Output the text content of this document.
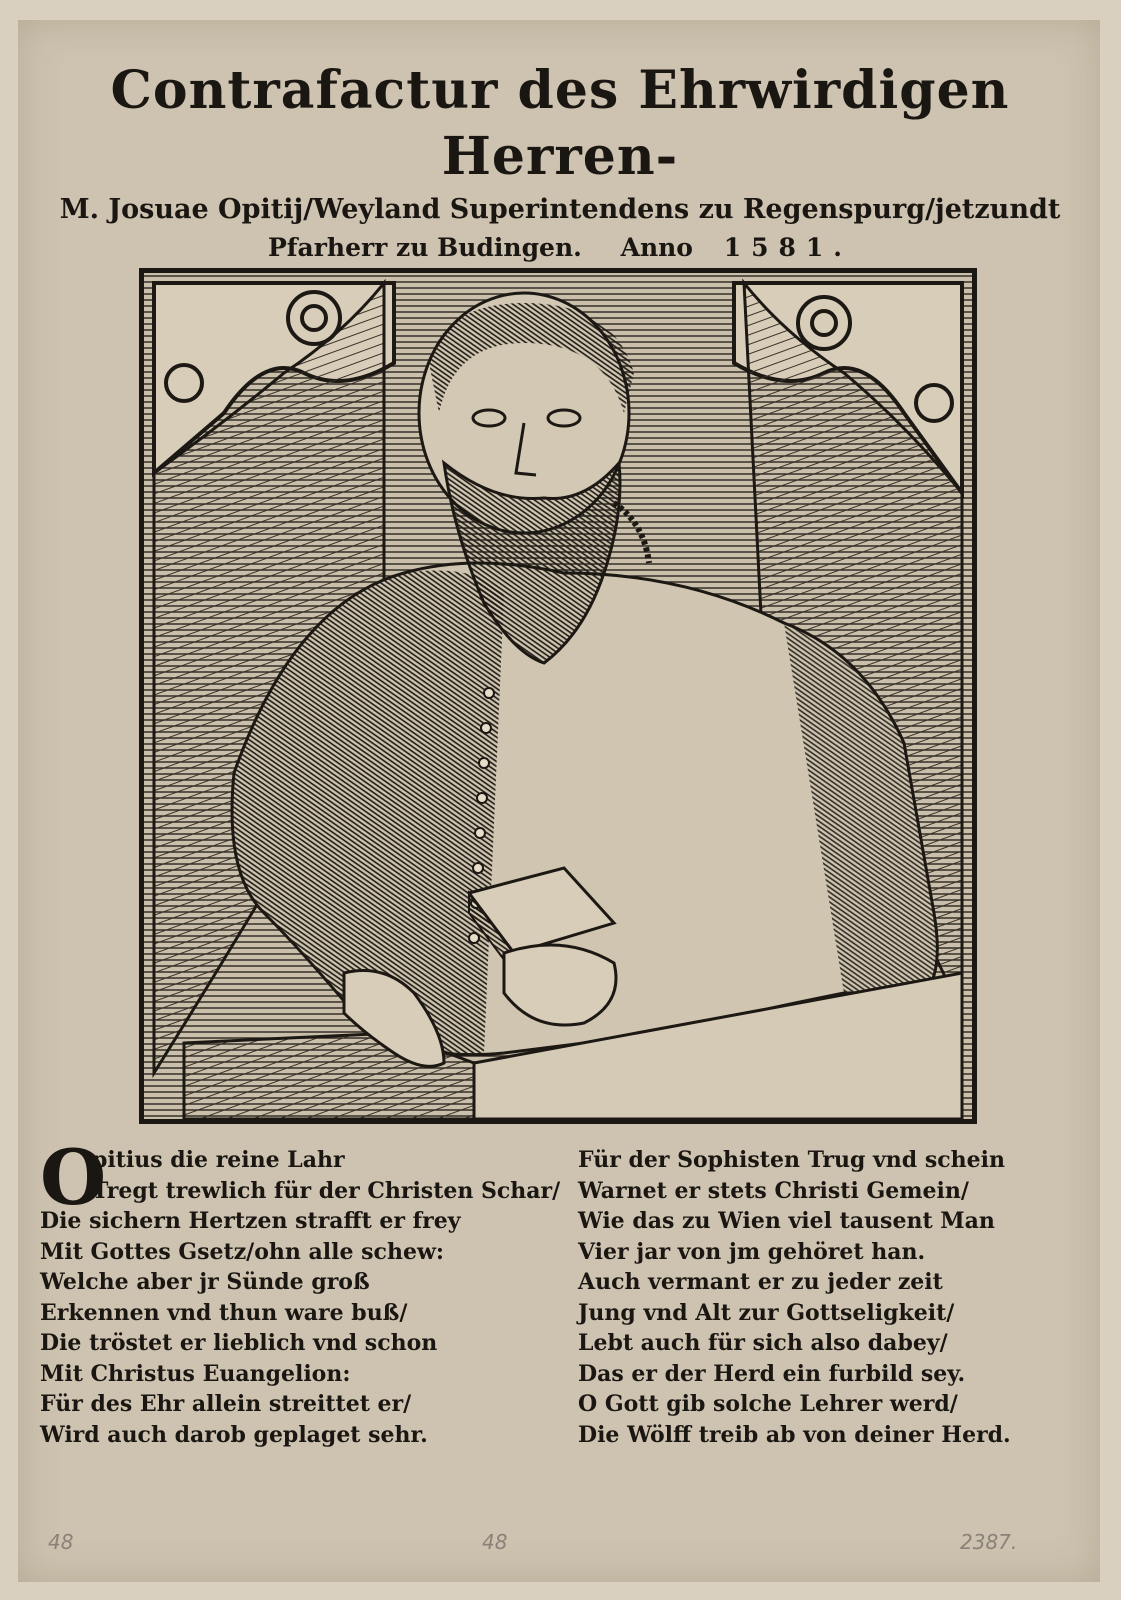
Contrafactur des Ehrwirdigen Herren-
M. Josuae Opitij/Weyland Superintendens zu Regenspurg/jetzundt
Pfarherr zu Budingen. Anno 1581.
O
pitius die reine Lahr
Tregt trewlich für der Christen Schar/
Die sichern Hertzen strafft er frey
Mit Gottes Gsetz/ohn alle schew:
Welche aber jr Sünde groß
Erkennen vnd thun ware buß/
Die tröstet er lieblich vnd schon
Mit Christus Euangelion:
Für des Ehr allein streittet er/
Wird auch darob geplaget sehr.
Für der Sophisten Trug vnd schein
Warnet er stets Christi Gemein/
Wie das zu Wien viel tausent Man
Vier jar von jm gehöret han.
Auch vermant er zu jeder zeit
Jung vnd Alt zur Gottseligkeit/
Lebt auch für sich also dabey/
Das er der Herd ein furbild sey.
O Gott gib solche Lehrer werd/
Die Wölff treib ab von deiner Herd.
48	48	2387.
